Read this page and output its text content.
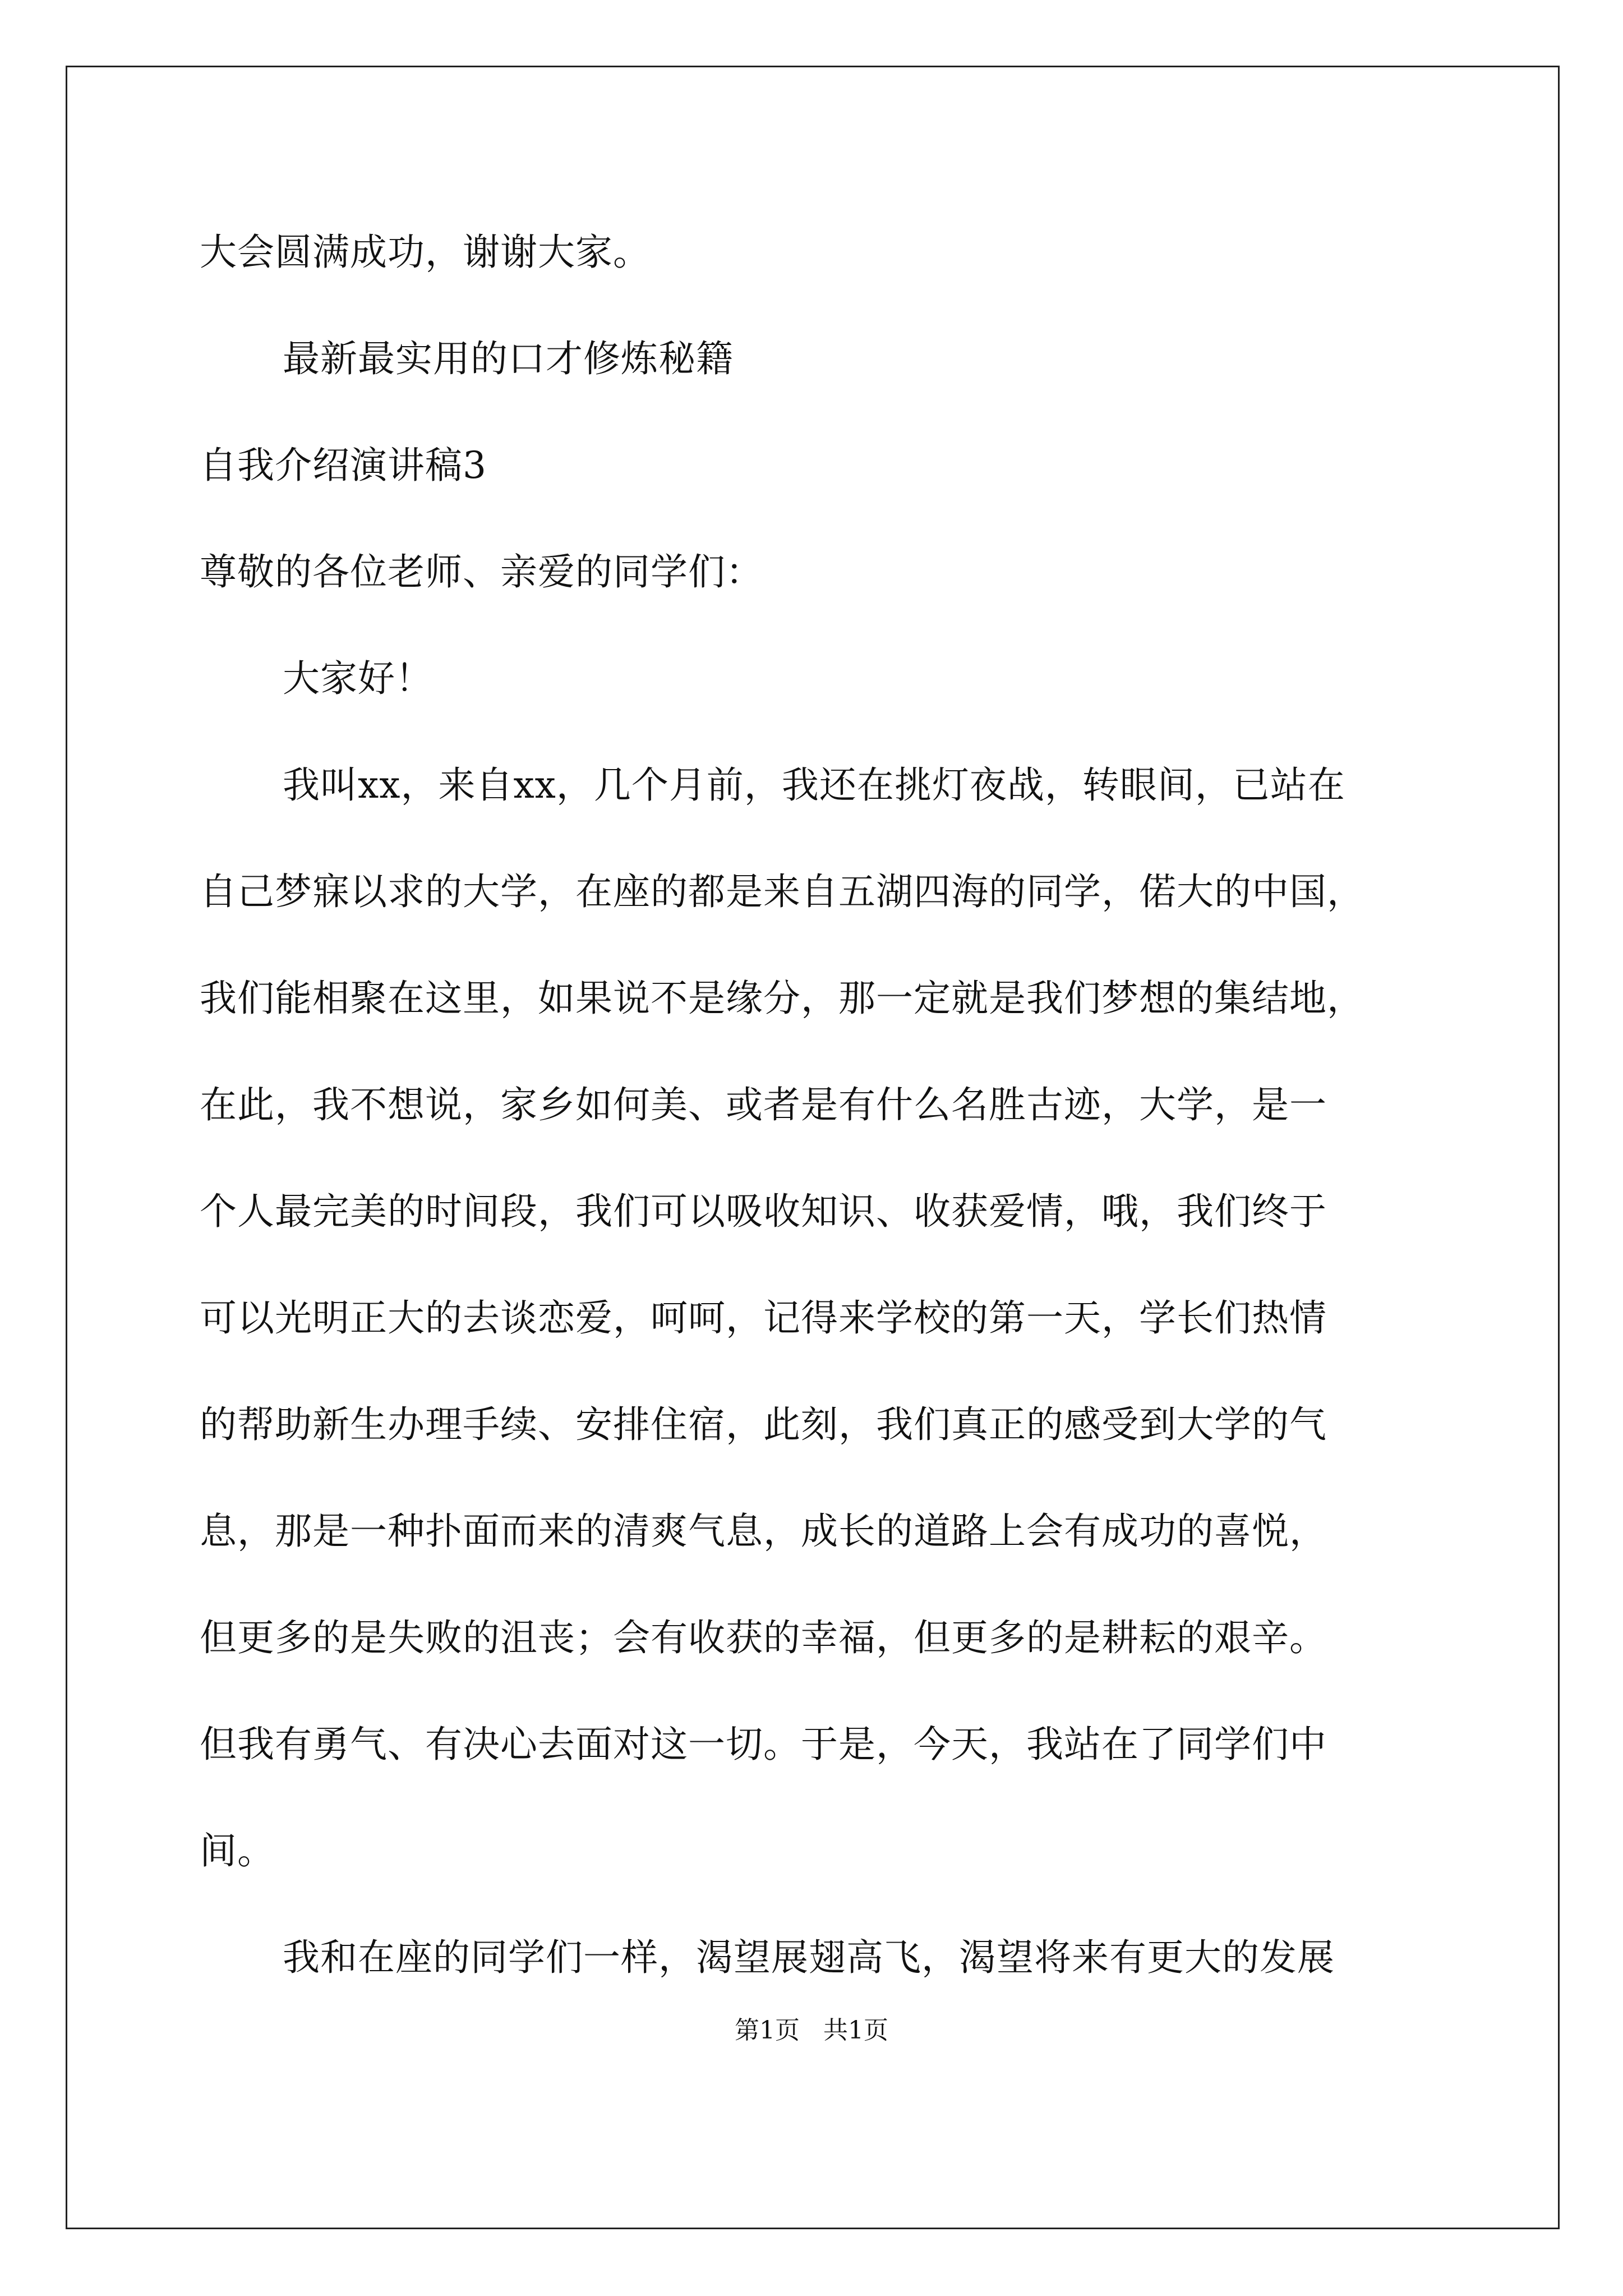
大会圆满成功，谢谢大家。
最新最实用的口才修炼秘籍
自我介绍演讲稿3
尊敬的各位老师、亲爱的同学们：
大家好！
我叫xx，来自xx，几个月前，我还在挑灯夜战，转眼间，已站在
自己梦寐以求的大学，在座的都是来自五湖四海的同学，偌大的中国，
我们能相聚在这里，如果说不是缘分，那一定就是我们梦想的集结地，
在此，我不想说，家乡如何美、或者是有什么名胜古迹，大学，是一
个人最完美的时间段，我们可以吸收知识、收获爱情，哦，我们终于
可以光明正大的去谈恋爱，呵呵，记得来学校的第一天，学长们热情
的帮助新生办理手续、安排住宿，此刻，我们真正的感受到大学的气
息，那是一种扑面而来的清爽气息，成长的道路上会有成功的喜悦，
但更多的是失败的沮丧；会有收获的幸福，但更多的是耕耘的艰辛。
但我有勇气、有决心去面对这一切。于是，今天，我站在了同学们中
间。
我和在座的同学们一样，渴望展翅高飞，渴望将来有更大的发展
第1页   共1页
